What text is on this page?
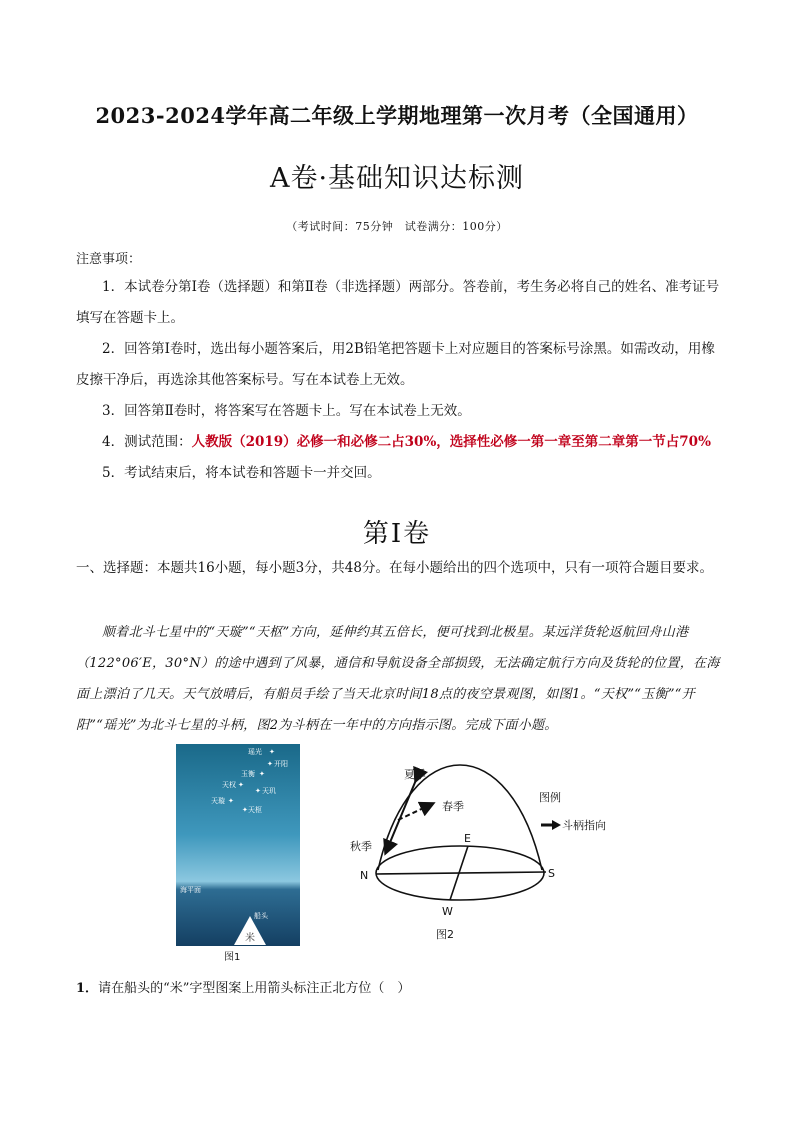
2023-2024学年高二年级上学期地理第一次月考（全国通用）
A卷·基础知识达标测
（考试时间：75分钟　试卷满分：100分）
注意事项：

1．本试卷分第Ⅰ卷（选择题）和第Ⅱ卷（非选择题）两部分。答卷前，考生务必将自己的姓名、准考证号填写在答题卡上。

2．回答第Ⅰ卷时，选出每小题答案后，用2B铅笔把答题卡上对应题目的答案标号涂黑。如需改动，用橡皮擦干净后，再选涂其他答案标号。写在本试卷上无效。

3．回答第Ⅱ卷时，将答案写在答题卡上。写在本试卷上无效。

4．测试范围：人教版（2019）必修一和必修二占30%，选择性必修一第一章至第二章第一节占70%

5．考试结束后，将本试卷和答题卡一并交回。

第Ⅰ卷

一、选择题：本题共16小题，每小题3分，共48分。在每小题给出的四个选项中，只有一项符合题目要求。

顺着北斗七星中的“天璇”“天枢”方向，延伸约其五倍长，便可找到北极星。某远洋货轮返航回舟山港（122°06′E，30°N）的途中遇到了风暴，通信和导航设备全部损毁，无法确定航行方向及货轮的位置，在海面上漂泊了几天。天气放晴后，有船员手绘了当天北京时间18点的夜空景观图，如图1。“天权”“玉衡”“开阳”“瑶光”为北斗七星的斗柄，图2为斗柄在一年中的方向指示图。完成下面小题。

瑶光
开阳
玉衡
天权
天玑
天璇
天枢
✦
✦
✦
✦
✦
✦
✦
海平面
船头
米
图1
夏季
春季
秋季
N	S
E
W
图2
图例
斗柄指向
1．请在船头的“米”字型图案上用箭头标注正北方位（　）
